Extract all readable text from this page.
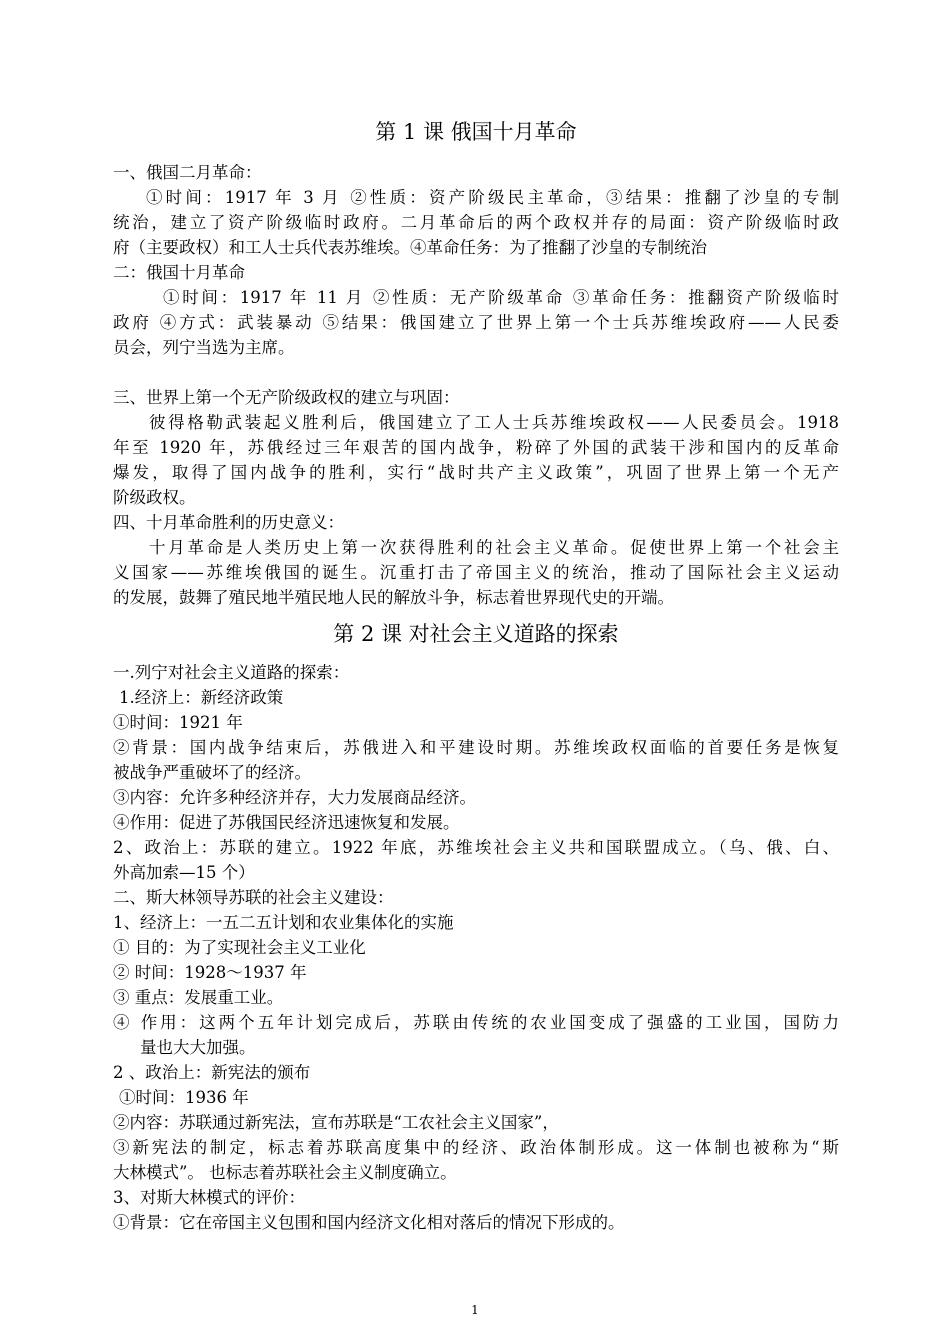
第 1 课 俄国十月革命
一、俄国二月革命：
①时间：1917 年 3 月 ②性质：资产阶级民主革命，③结果：推翻了沙皇的专制
统治，建立了资产阶级临时政府。二月革命后的两个政权并存的局面：资产阶级临时政
府（主要政权）和工人士兵代表苏维埃。④革命任务：为了推翻了沙皇的专制统治
二：俄国十月革命
①时间：1917 年 11 月 ②性质：无产阶级革命 ③革命任务：推翻资产阶级临时
政府 ④方式：武装暴动 ⑤结果：俄国建立了世界上第一个士兵苏维埃政府——人民委
员会，列宁当选为主席。
三、世界上第一个无产阶级政权的建立与巩固：
彼得格勒武装起义胜利后，俄国建立了工人士兵苏维埃政权——人民委员会。1918
年至 1920 年，苏俄经过三年艰苦的国内战争，粉碎了外国的武装干涉和国内的反革命
爆发，取得了国内战争的胜利，实行“战时共产主义政策”，巩固了世界上第一个无产
阶级政权。
四、十月革命胜利的历史意义：
十月革命是人类历史上第一次获得胜利的社会主义革命。促使世界上第一个社会主
义国家——苏维埃俄国的诞生。沉重打击了帝国主义的统治，推动了国际社会主义运动
的发展，鼓舞了殖民地半殖民地人民的解放斗争，标志着世界现代史的开端。
第 2 课 对社会主义道路的探索
一.列宁对社会主义道路的探索：
1.经济上：新经济政策
①时间：1921 年
②背景：国内战争结束后，苏俄进入和平建设时期。苏维埃政权面临的首要任务是恢复
被战争严重破坏了的经济。
③内容：允许多种经济并存，大力发展商品经济。
④作用：促进了苏俄国民经济迅速恢复和发展。
2、政治上：苏联的建立。1922 年底，苏维埃社会主义共和国联盟成立。（乌、俄、白、
外高加索—15 个）
二、斯大林领导苏联的社会主义建设：
1、经济上：一五二五计划和农业集体化的实施
① 目的：为了实现社会主义工业化
② 时间：1928～1937 年
③ 重点：发展重工业。
④ 作用：这两个五年计划完成后，苏联由传统的农业国变成了强盛的工业国，国防力
量也大大加强。
2 、政治上：新宪法的颁布
①时间：1936 年
②内容：苏联通过新宪法，宣布苏联是“工农社会主义国家”，
③新宪法的制定，标志着苏联高度集中的经济、政治体制形成。这一体制也被称为“斯
大林模式”。 也标志着苏联社会主义制度确立。
3、对斯大林模式的评价：
①背景：它在帝国主义包围和国内经济文化相对落后的情况下形成的。
1
